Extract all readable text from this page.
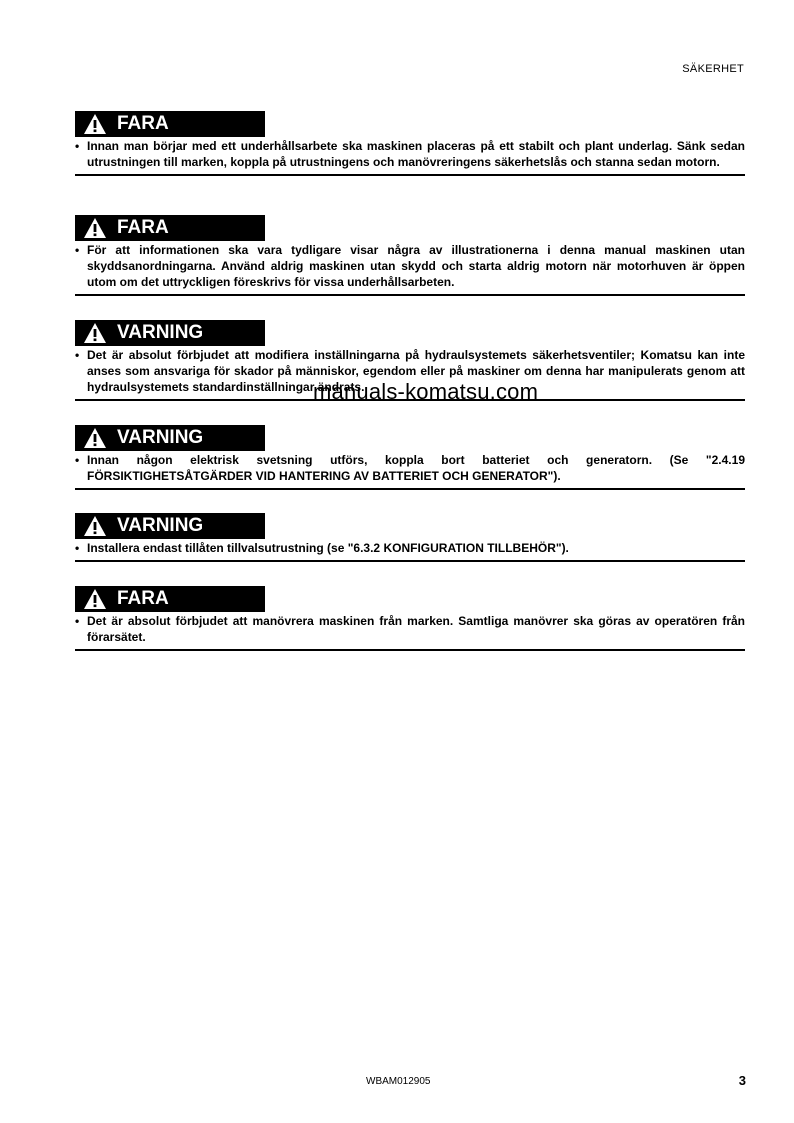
SÄKERHET
FARA
• Innan man börjar med ett underhållsarbete ska maskinen placeras på ett stabilt och plant underlag. Sänk sedan utrustningen till marken, koppla på utrustningens och manövreringens säkerhetslås och stanna sedan motorn.
FARA
• För att informationen ska vara tydligare visar några av illustrationerna i denna manual maskinen utan skyddsanordningarna. Använd aldrig maskinen utan skydd och starta aldrig motorn när motorhuven är öppen utom om det uttryckligen föreskrivs för vissa underhållsarbeten.
VARNING
• Det är absolut förbjudet att modifiera inställningarna på hydraulsystemets säkerhetsventiler; Komatsu kan inte anses som ansvariga för skador på människor, egendom eller på maskiner om denna har manipulerats genom att hydraulsystemets standardinställningar ändrats.
VARNING
• Innan någon elektrisk svetsning utförs, koppla bort batteriet och generatorn. (Se "2.4.19 FÖRSIKTIGHETSÅTGÄRDER VID HANTERING AV BATTERIET OCH GENERATOR").
VARNING
• Installera endast tillåten tillvalsutrustning (se "6.3.2 KONFIGURATION TILLBEHÖR").
FARA
• Det är absolut förbjudet att manövrera maskinen från marken. Samtliga manövrer ska göras av operatören från förarsätet.
manuals-komatsu.com
WBAM012905	3
